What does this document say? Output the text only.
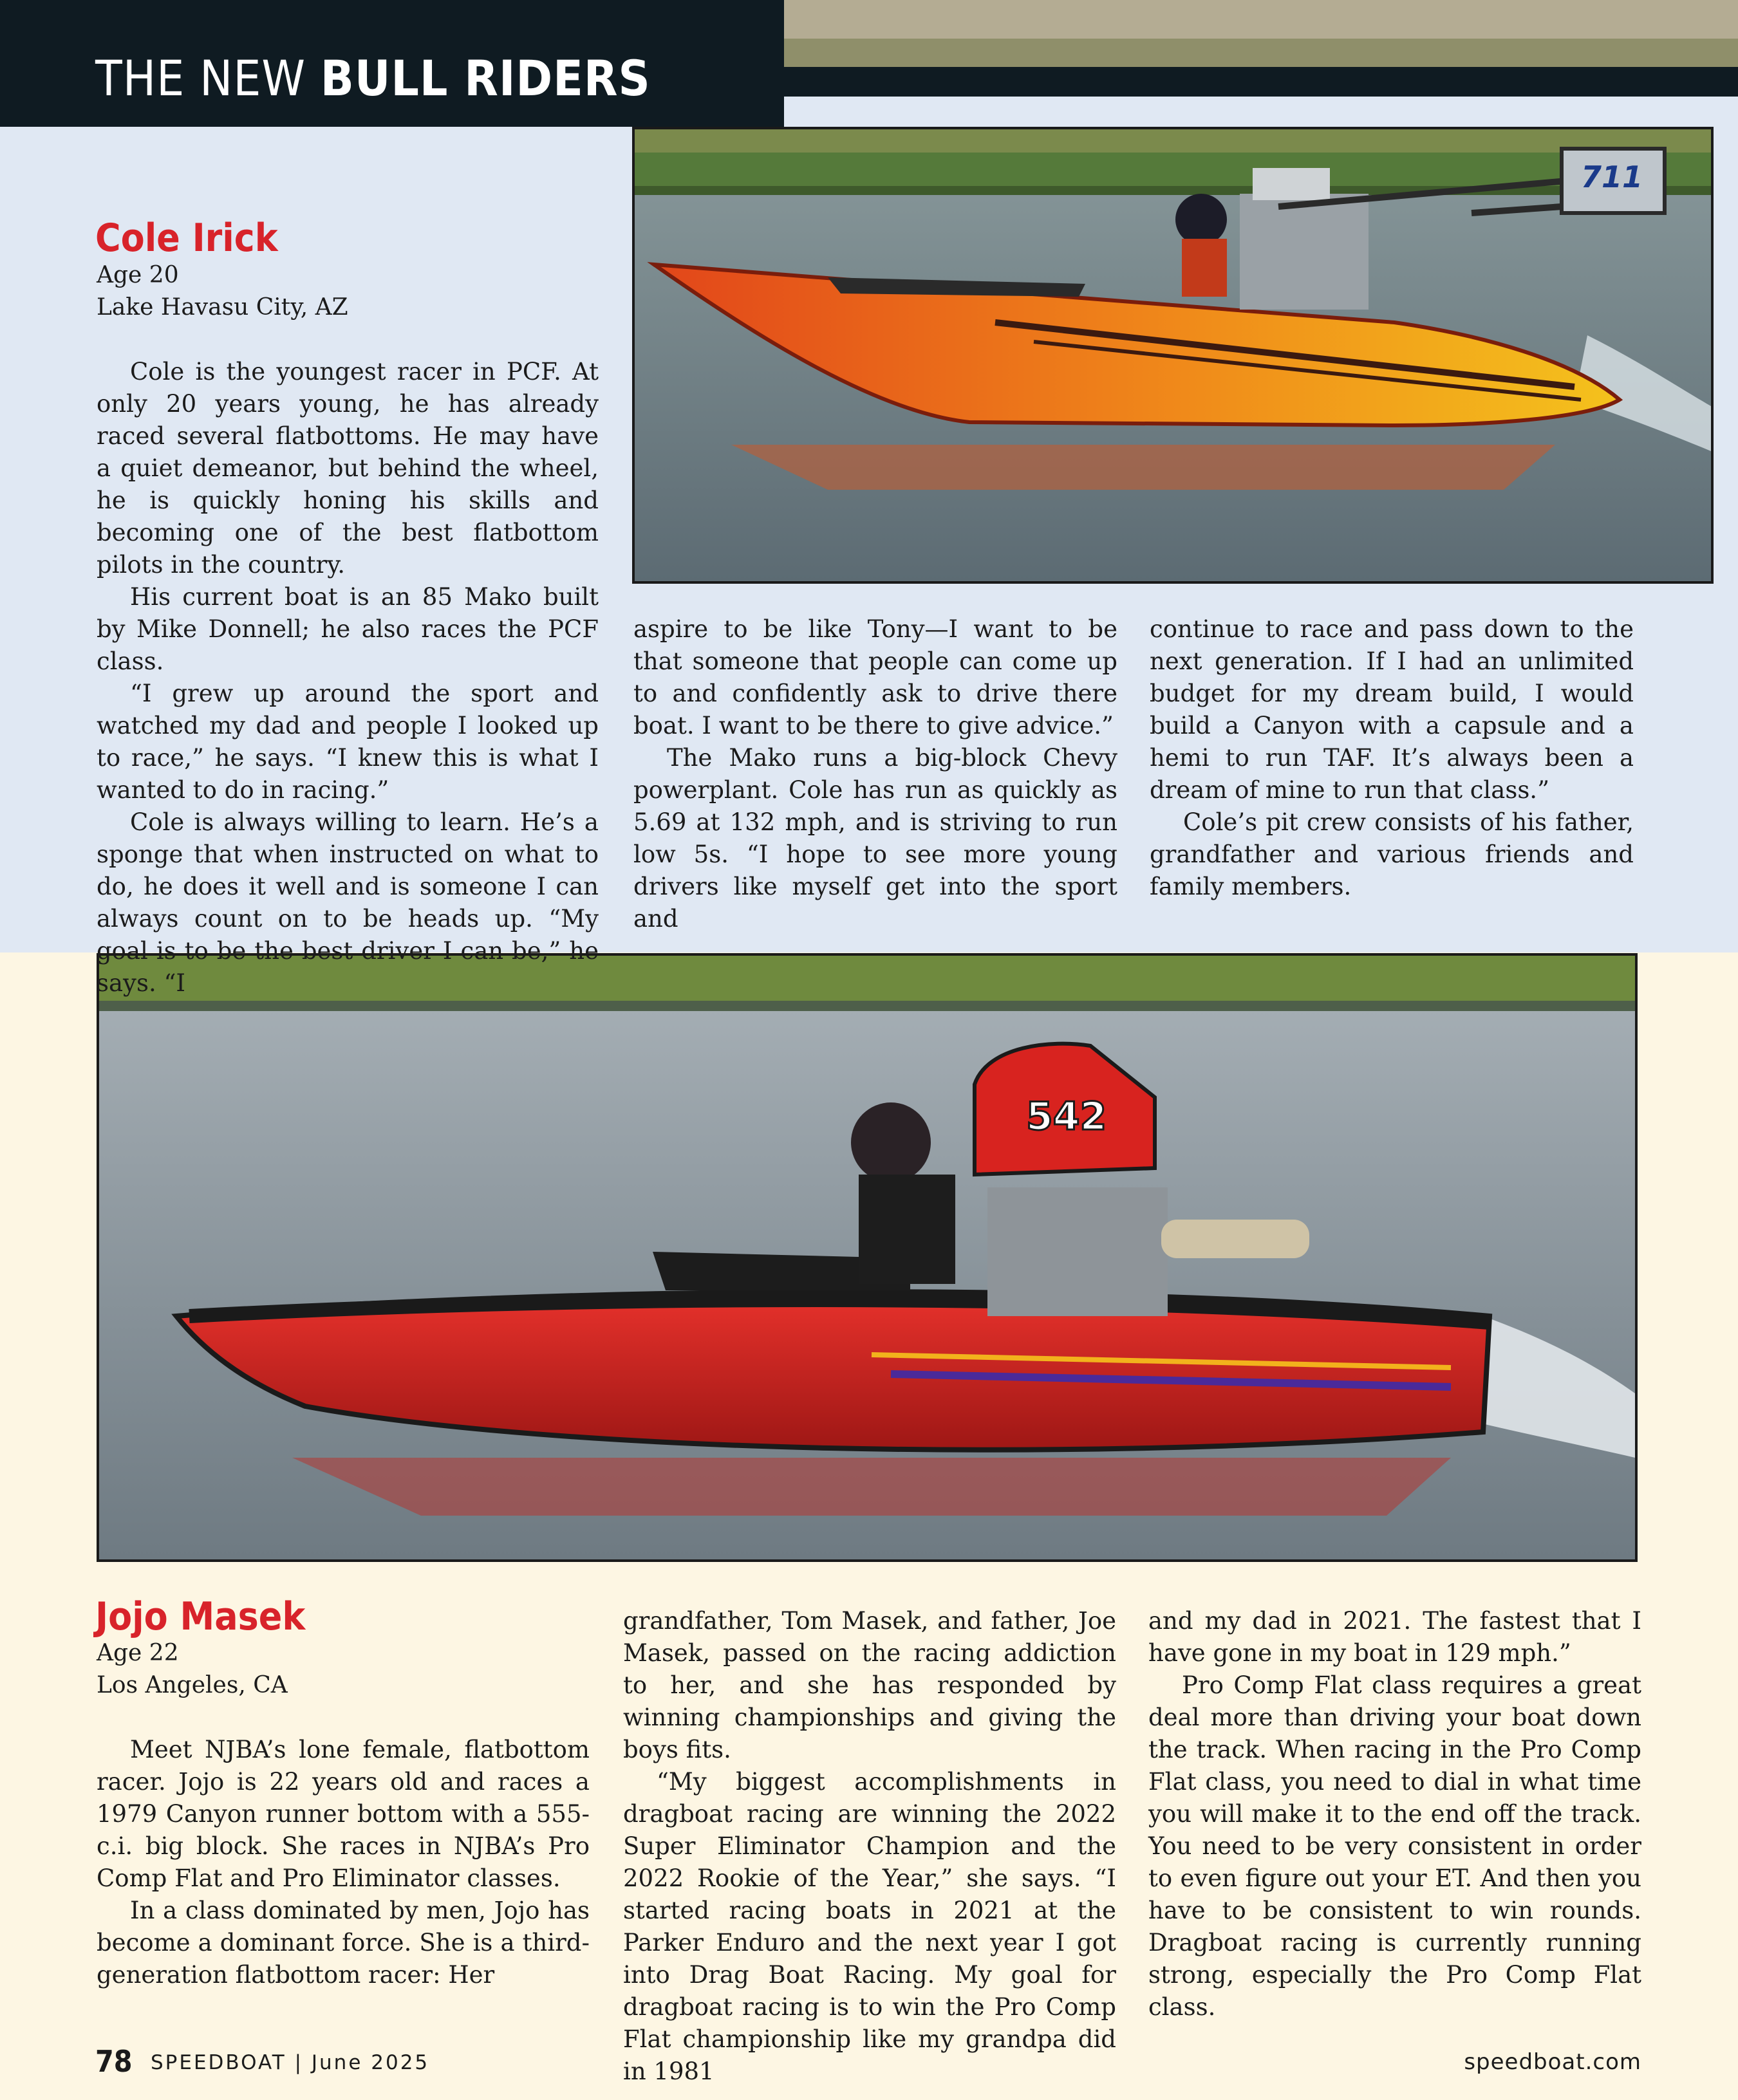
THE NEW BULL RIDERS
711
542
Cole Irick
Age 20
Lake Havasu City, AZ

Cole is the youngest racer in PCF. At only 20 years young, he has already raced several flatbottoms. He may have a quiet demeanor, but behind the wheel, he is quickly honing his skills and becoming one of the best flatbottom pilots in the country.

His current boat is an 85 Mako built by Mike Donnell; he also races the PCF class.

“I grew up around the sport and watched my dad and people I looked up to race,” he says. “I knew this is what I wanted to do in racing.”

Cole is always willing to learn. He’s a sponge that when instructed on what to do, he does it well and is someone I can always count on to be heads up. “My goal is to be the best driver I can be,” he says. “I

aspire to be like Tony—I want to be that someone that people can come up to and confidently ask to drive there boat. I want to be there to give advice.”

The Mako runs a big-block Chevy powerplant. Cole has run as quickly as 5.69 at 132 mph, and is striving to run low 5s. “I hope to see more young drivers like myself get into the sport and

continue to race and pass down to the next generation. If I had an unlimited budget for my dream build, I would build a Canyon with a capsule and a hemi to run TAF. It’s always been a dream of mine to run that class.”

Cole’s pit crew consists of his father, grandfather and various friends and family members.

Jojo Masek
Age 22
Los Angeles, CA

Meet NJBA’s lone female, flatbottom racer. Jojo is 22 years old and races a 1979 Canyon runner bottom with a 555-c.i. big block. She races in NJBA’s Pro Comp Flat and Pro Eliminator classes.

In a class dominated by men, Jojo has become a dominant force. She is a third-generation flatbottom racer: Her

grandfather, Tom Masek, and father, Joe Masek, passed on the racing addiction to her, and she has responded by winning championships and giving the boys fits.

“My biggest accomplishments in dragboat racing are winning the 2022 Super Eliminator Champion and the 2022 Rookie of the Year,” she says. “I started racing boats in 2021 at the Parker Enduro and the next year I got into Drag Boat Racing. My goal for dragboat racing is to win the Pro Comp Flat championship like my grandpa did in 1981

and my dad in 2021. The fastest that I have gone in my boat in 129 mph.”

Pro Comp Flat class requires a great deal more than driving your boat down the track. When racing in the Pro Comp Flat class, you need to dial in what time you will make it to the end off the track. You need to be very consistent in order to even figure out your ET. And then you have to be consistent to win rounds. Dragboat racing is currently running strong, especially the Pro Comp Flat class.

78 SPEEDBOAT | June 2025	speedboat.com
